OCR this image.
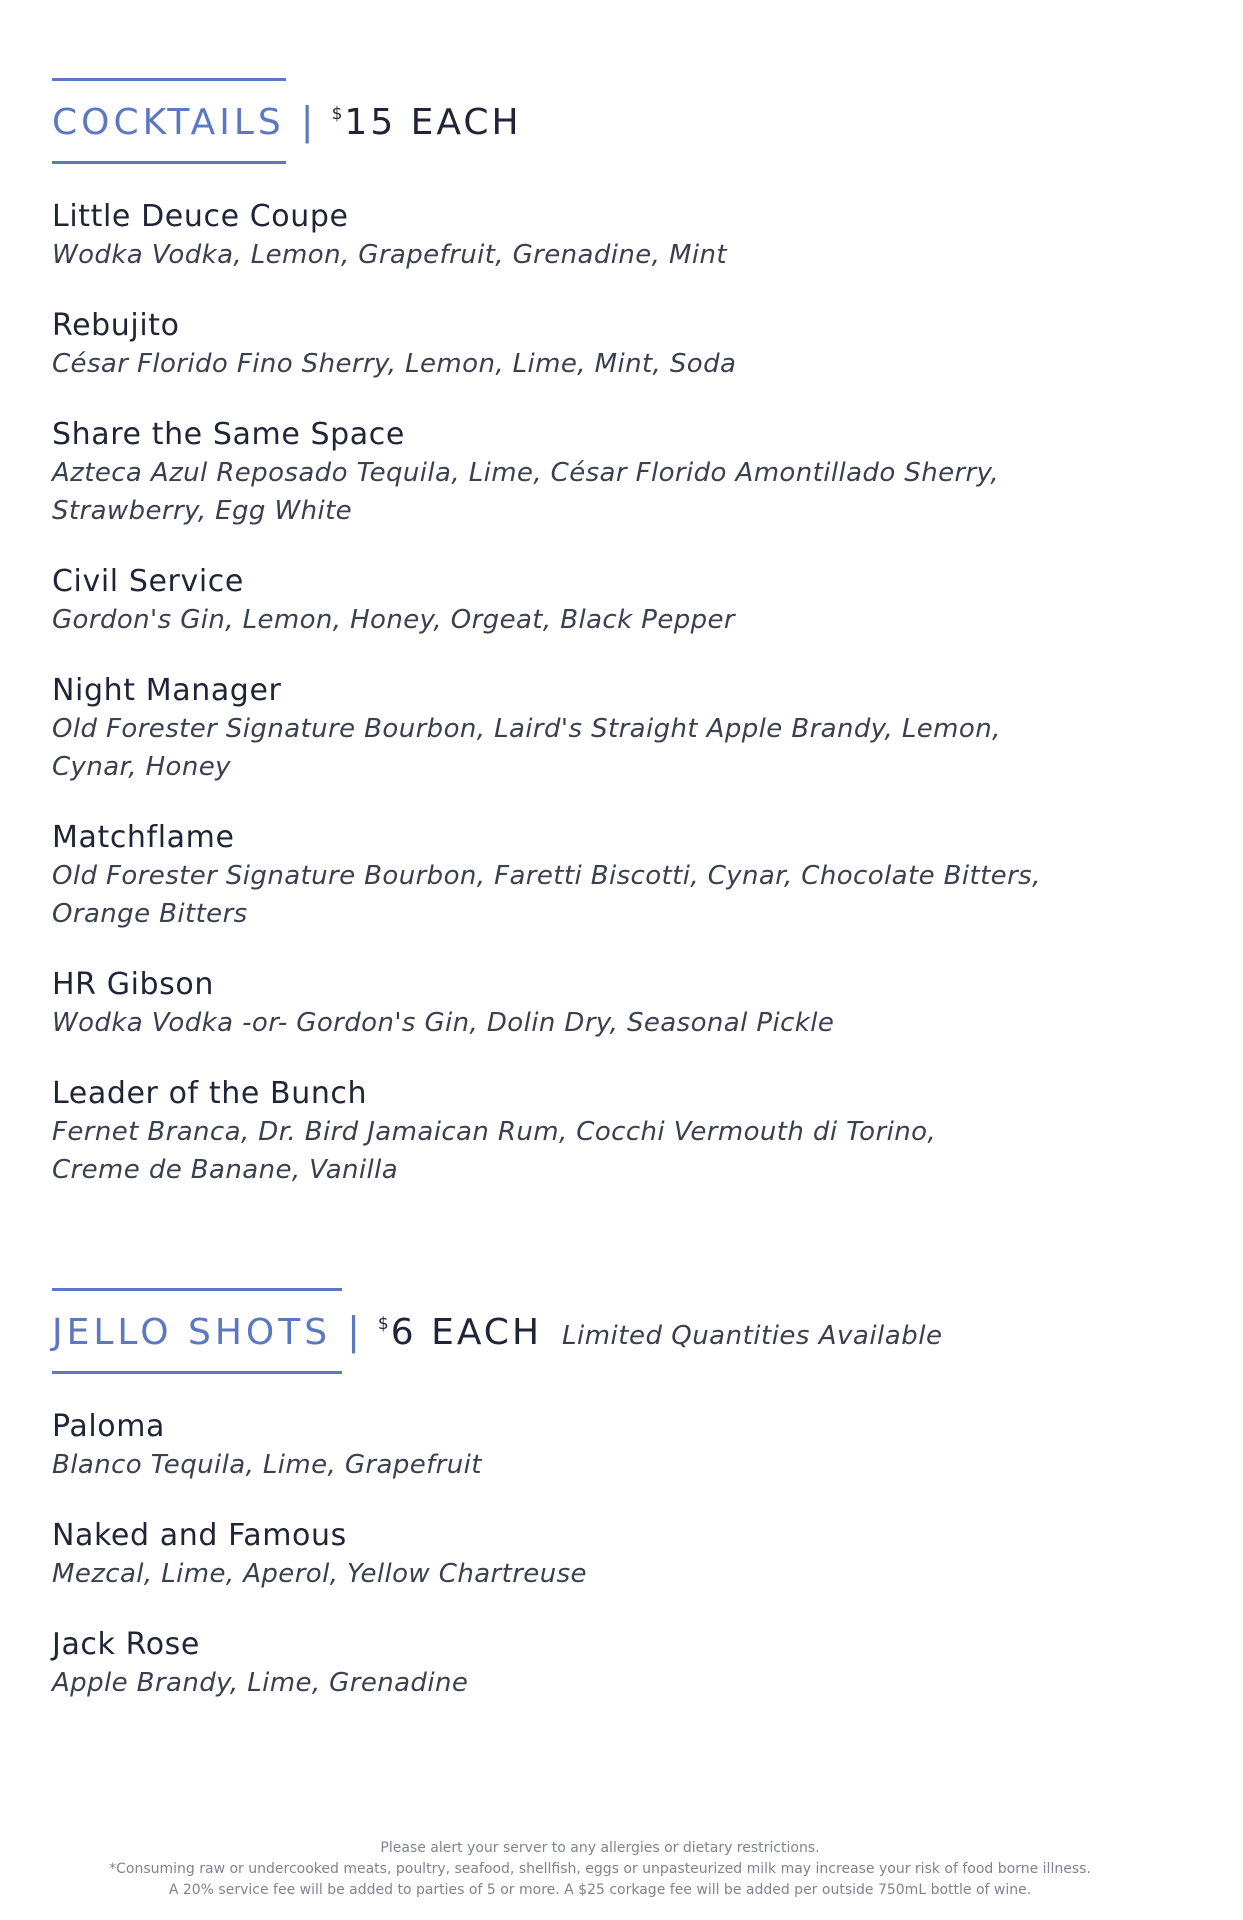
COCKTAILS | $15 EACH
Little Deuce Coupe
Wodka Vodka, Lemon, Grapefruit, Grenadine, Mint
Rebujito
César Florido Fino Sherry, Lemon, Lime, Mint, Soda
Share the Same Space
Azteca Azul Reposado Tequila, Lime, César Florido Amontillado Sherry,
Strawberry, Egg White
Civil Service
Gordon's Gin, Lemon, Honey, Orgeat, Black Pepper
Night Manager
Old Forester Signature Bourbon, Laird's Straight Apple Brandy, Lemon,
Cynar, Honey
Matchflame
Old Forester Signature Bourbon, Faretti Biscotti, Cynar, Chocolate Bitters,
Orange Bitters
HR Gibson
Wodka Vodka -or- Gordon's Gin, Dolin Dry, Seasonal Pickle
Leader of the Bunch
Fernet Branca, Dr. Bird Jamaican Rum, Cocchi Vermouth di Torino,
Creme de Banane, Vanilla
JELLO SHOTS | $6 EACH Limited Quantities Available
Paloma
Blanco Tequila, Lime, Grapefruit
Naked and Famous
Mezcal, Lime, Aperol, Yellow Chartreuse
Jack Rose
Apple Brandy, Lime, Grenadine
Please alert your server to any allergies or dietary restrictions.
*Consuming raw or undercooked meats, poultry, seafood, shellfish, eggs or unpasteurized milk may increase your risk of food borne illness.
A 20% service fee will be added to parties of 5 or more. A $25 corkage fee will be added per outside 750mL bottle of wine.
